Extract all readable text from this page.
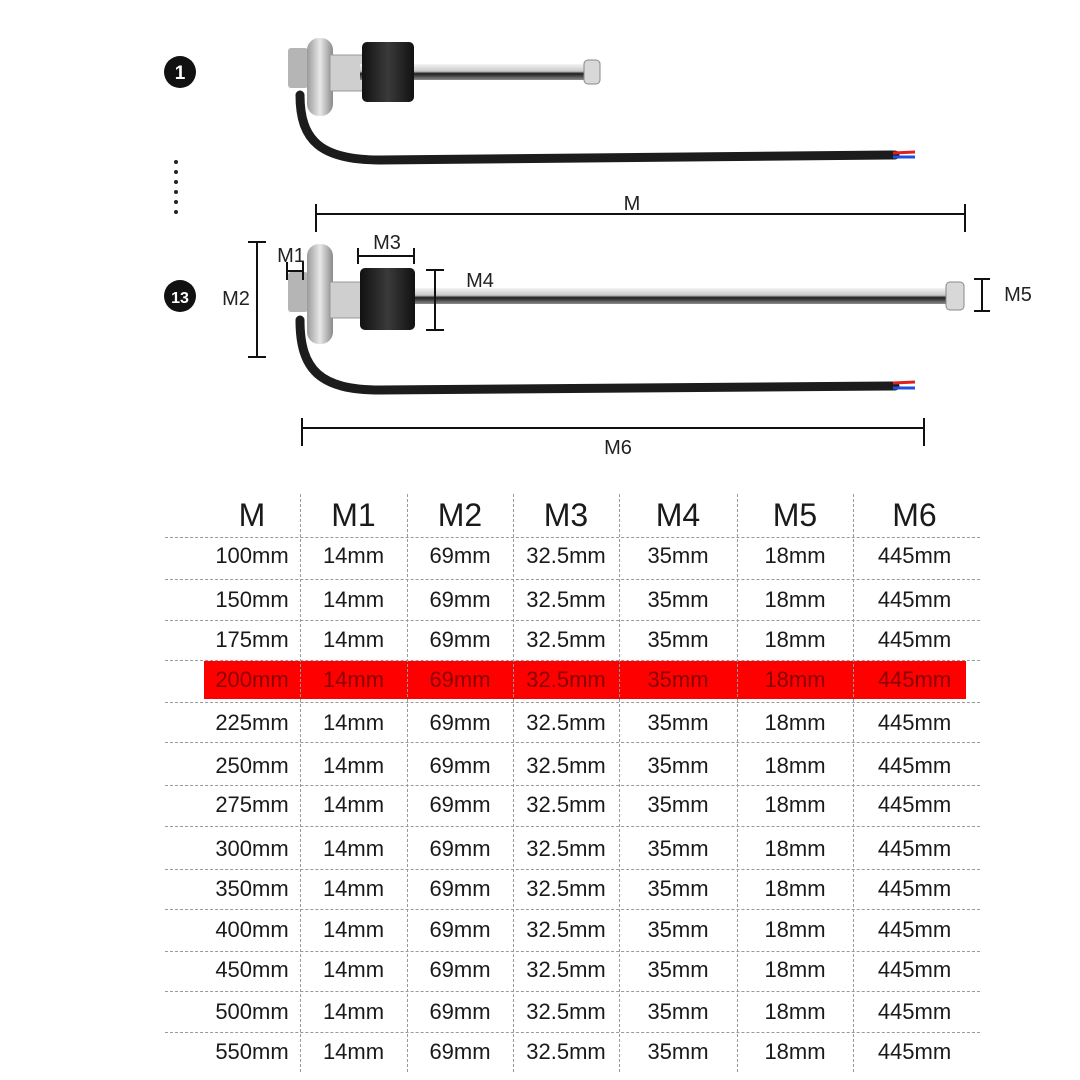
1
M
13
M1
M2
M3
M4
M5
M6
M	M1	M2	M3	M4	M5	M6
100mm	14mm	69mm	32.5mm	35mm	18mm	445mm
150mm	14mm	69mm	32.5mm	35mm	18mm	445mm
175mm	14mm	69mm	32.5mm	35mm	18mm	445mm
200mm	14mm	69mm	32.5mm	35mm	18mm	445mm
225mm	14mm	69mm	32.5mm	35mm	18mm	445mm
250mm	14mm	69mm	32.5mm	35mm	18mm	445mm
275mm	14mm	69mm	32.5mm	35mm	18mm	445mm
300mm	14mm	69mm	32.5mm	35mm	18mm	445mm
350mm	14mm	69mm	32.5mm	35mm	18mm	445mm
400mm	14mm	69mm	32.5mm	35mm	18mm	445mm
450mm	14mm	69mm	32.5mm	35mm	18mm	445mm
500mm	14mm	69mm	32.5mm	35mm	18mm	445mm
550mm	14mm	69mm	32.5mm	35mm	18mm	445mm
